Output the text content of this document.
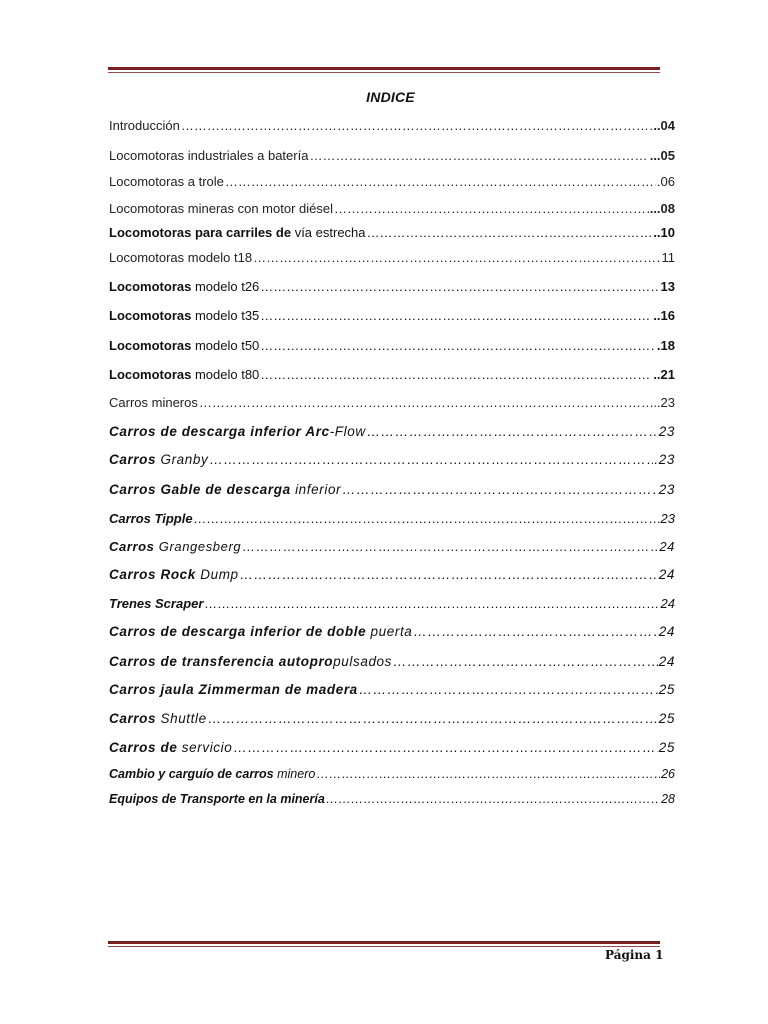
INDICE
Introducción …………………………………………………………………………………………………………………………………………………………………………………………………………	..04
Locomotoras industriales a batería …………………………………………………………………………………………………………………………………………………………………………………………………………	...05
Locomotoras a trole …………………………………………………………………………………………………………………………………………………………………………………………………………	.06
Locomotoras mineras con motor diésel …………………………………………………………………………………………………………………………………………………………………………………………………………	...08
Locomotoras para carriles de vía estrecha …………………………………………………………………………………………………………………………………………………………………………………………………………	..10
Locomotoras modelo t18 …………………………………………………………………………………………………………………………………………………………………………………………………………	11
Locomotoras modelo t26 …………………………………………………………………………………………………………………………………………………………………………………………………………	13
Locomotoras modelo t35 …………………………………………………………………………………………………………………………………………………………………………………………………………	..16
Locomotoras modelo t50 …………………………………………………………………………………………………………………………………………………………………………………………………………	.18
Locomotoras modelo t80 …………………………………………………………………………………………………………………………………………………………………………………………………………	..21
Carros mineros …………………………………………………………………………………………………………………………………………………………………………………………………………	...23
Carros de descarga inferior Arc-Flow …………………………………………………………………………………………………………………………………………………………………………………………………………	23
Carros Granby …………………………………………………………………………………………………………………………………………………………………………………………………………	.23
Carros Gable de descarga inferior …………………………………………………………………………………………………………………………………………………………………………………………………………	23
Carros Tipple …………………………………………………………………………………………………………………………………………………………………………………………………………	23
Carros Grangesberg …………………………………………………………………………………………………………………………………………………………………………………………………………	24
Carros Rock Dump …………………………………………………………………………………………………………………………………………………………………………………………………………	24
Trenes Scraper …………………………………………………………………………………………………………………………………………………………………………………………………………	24
Carros de descarga inferior de doble puerta …………………………………………………………………………………………………………………………………………………………………………………………………………	24
Carros de transferencia autopropulsados …………………………………………………………………………………………………………………………………………………………………………………………………………	24
Carros jaula Zimmerman de madera …………………………………………………………………………………………………………………………………………………………………………………………………………	25
Carros Shuttle …………………………………………………………………………………………………………………………………………………………………………………………………………	25
Carros de servicio …………………………………………………………………………………………………………………………………………………………………………………………………………	25
Cambio y carguío de carros minero …………………………………………………………………………………………………………………………………………………………………………………………………………	26
Equipos de Transporte en la minería …………………………………………………………………………………………………………………………………………………………………………………………………………	28
Página 1
